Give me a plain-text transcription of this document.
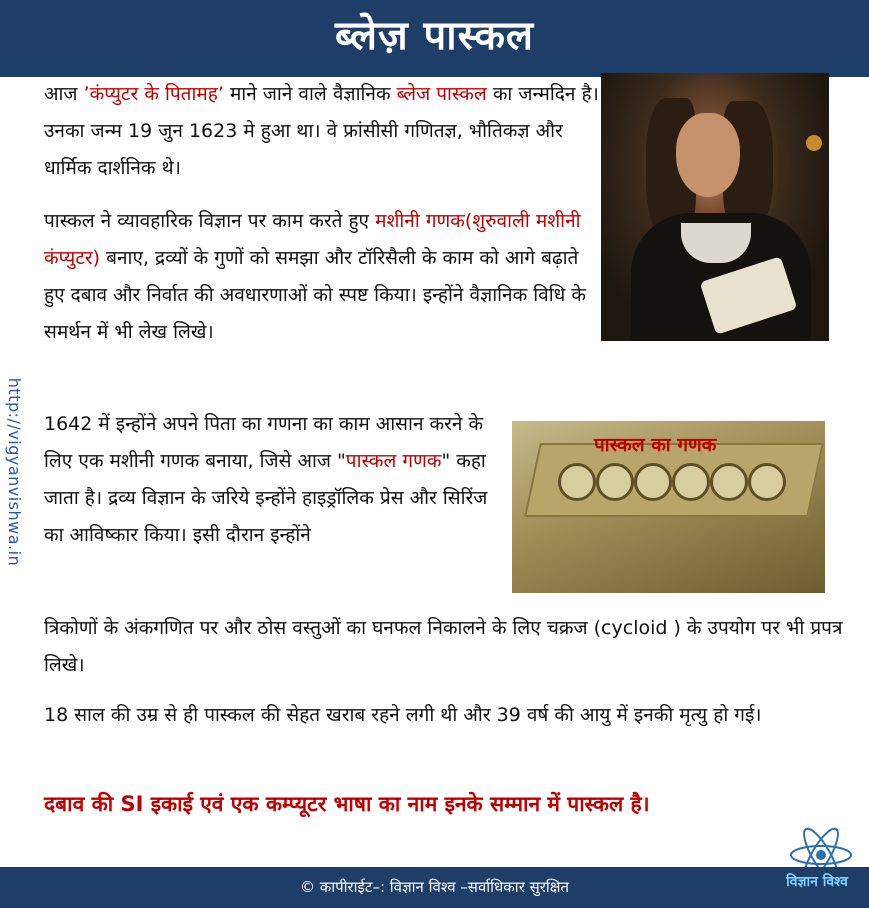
ब्लेज़ पास्कल
http://vigyanvishwa.in

आज ’कंप्युटर के पितामह’ माने जाने वाले वैज्ञानिक ब्लेज पास्कल का जन्मदिन है। उनका जन्म 19 जुन 1623 मे हुआ था। वे फ्रांसीसी गणितज्ञ, भौतिकज्ञ और धार्मिक दार्शनिक थे।

पास्कल ने व्यावहारिक विज्ञान पर काम करते हुए मशीनी गणक(शुरुवाली मशीनी कंप्युटर) बनाए, द्रव्यों के गुणों को समझा और टॉरिसैली के काम को आगे बढ़ाते हुए दबाव और निर्वात की अवधारणाओं को स्पष्ट किया। इन्होंने वैज्ञानिक विधि के समर्थन में भी लेख लिखे।

1642 में इन्होंने अपने पिता का गणना का काम आसान करने के लिए एक मशीनी गणक बनाया, जिसे आज "पास्कल गणक" कहा जाता है। द्रव्य विज्ञान के जरिये इन्होंने हाइड्रॉलिक प्रेस और सिरिंज का आविष्कार किया। इसी दौरान इन्होंने

पास्कल का गणक

त्रिकोणों के अंकगणित पर और ठोस वस्तुओं का घनफल निकालने के लिए चक्रज (cycloid ) के उपयोग पर भी प्रपत्र लिखे।

18 साल की उम्र से ही पास्कल की सेहत खराब रहने लगी थी और 39 वर्ष की आयु में इनकी मृत्यु हो गई।

दबाव की SI इकाई एवं एक कम्प्यूटर भाषा का नाम इनके सम्मान में पास्कल है।

© कापीराईट–: विज्ञान विश्व –सर्वाधिकार सुरक्षित	विज्ञान विश्व
